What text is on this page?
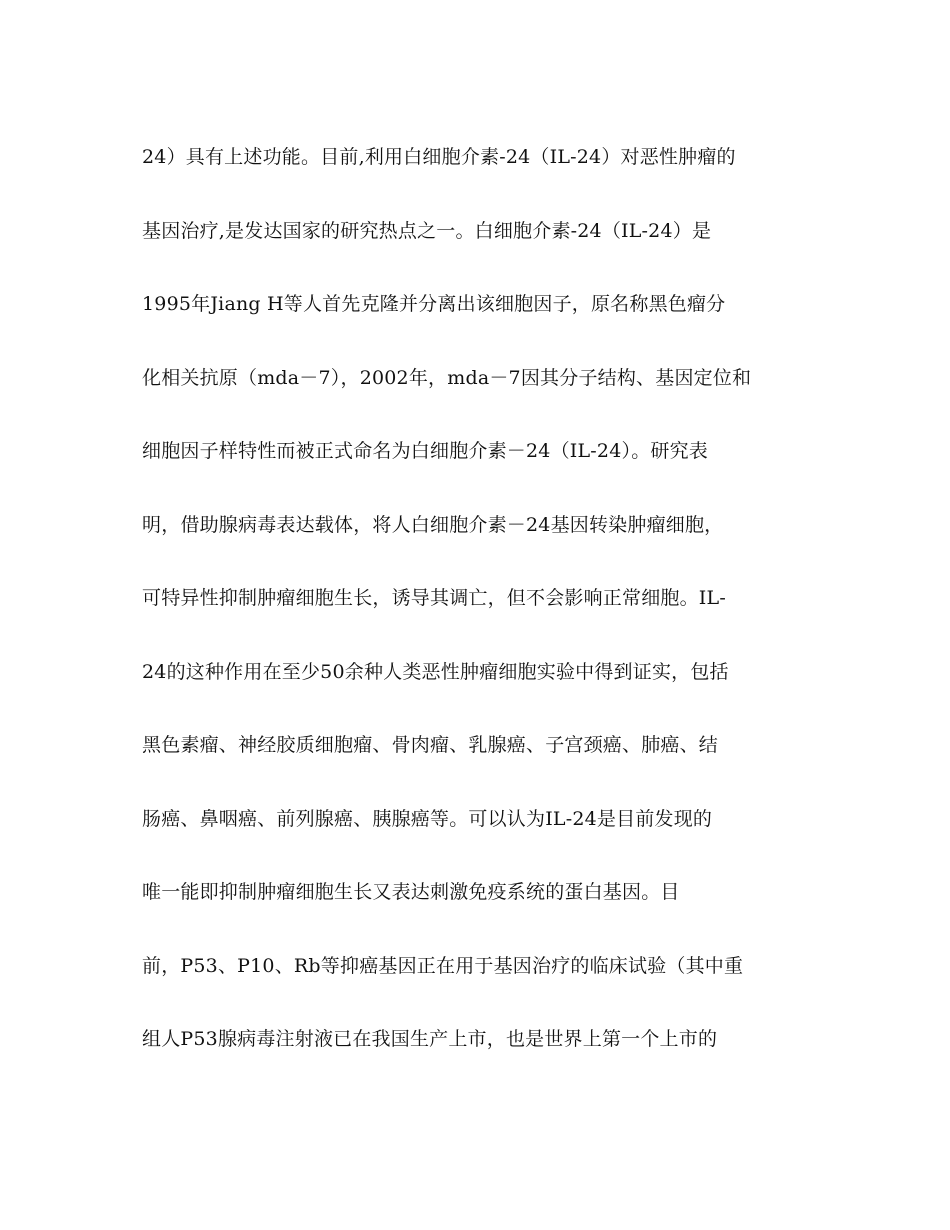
24）具有上述功能。目前,利用白细胞介素-24（IL-24）对恶性肿瘤的
基因治疗,是发达国家的研究热点之一。白细胞介素-24（IL-24）是
1995年Jiang H等人首先克隆并分离出该细胞因子，原名称黑色瘤分
化相关抗原（mda－7），2002年，mda－7因其分子结构、基因定位和
细胞因子样特性而被正式命名为白细胞介素－24（IL-24）。研究表
明，借助腺病毒表达载体，将人白细胞介素－24基因转染肿瘤细胞，
可特异性抑制肿瘤细胞生长，诱导其调亡，但不会影响正常细胞。IL-
24的这种作用在至少50余种人类恶性肿瘤细胞实验中得到证实，包括
黑色素瘤、神经胶质细胞瘤、骨肉瘤、乳腺癌、子宫颈癌、肺癌、结
肠癌、鼻咽癌、前列腺癌、胰腺癌等。可以认为IL-24是目前发现的
唯一能即抑制肿瘤细胞生长又表达刺激免疫系统的蛋白基因。目
前，P53、P10、Rb等抑癌基因正在用于基因治疗的临床试验（其中重
组人P53腺病毒注射液已在我国生产上市，也是世界上第一个上市的
